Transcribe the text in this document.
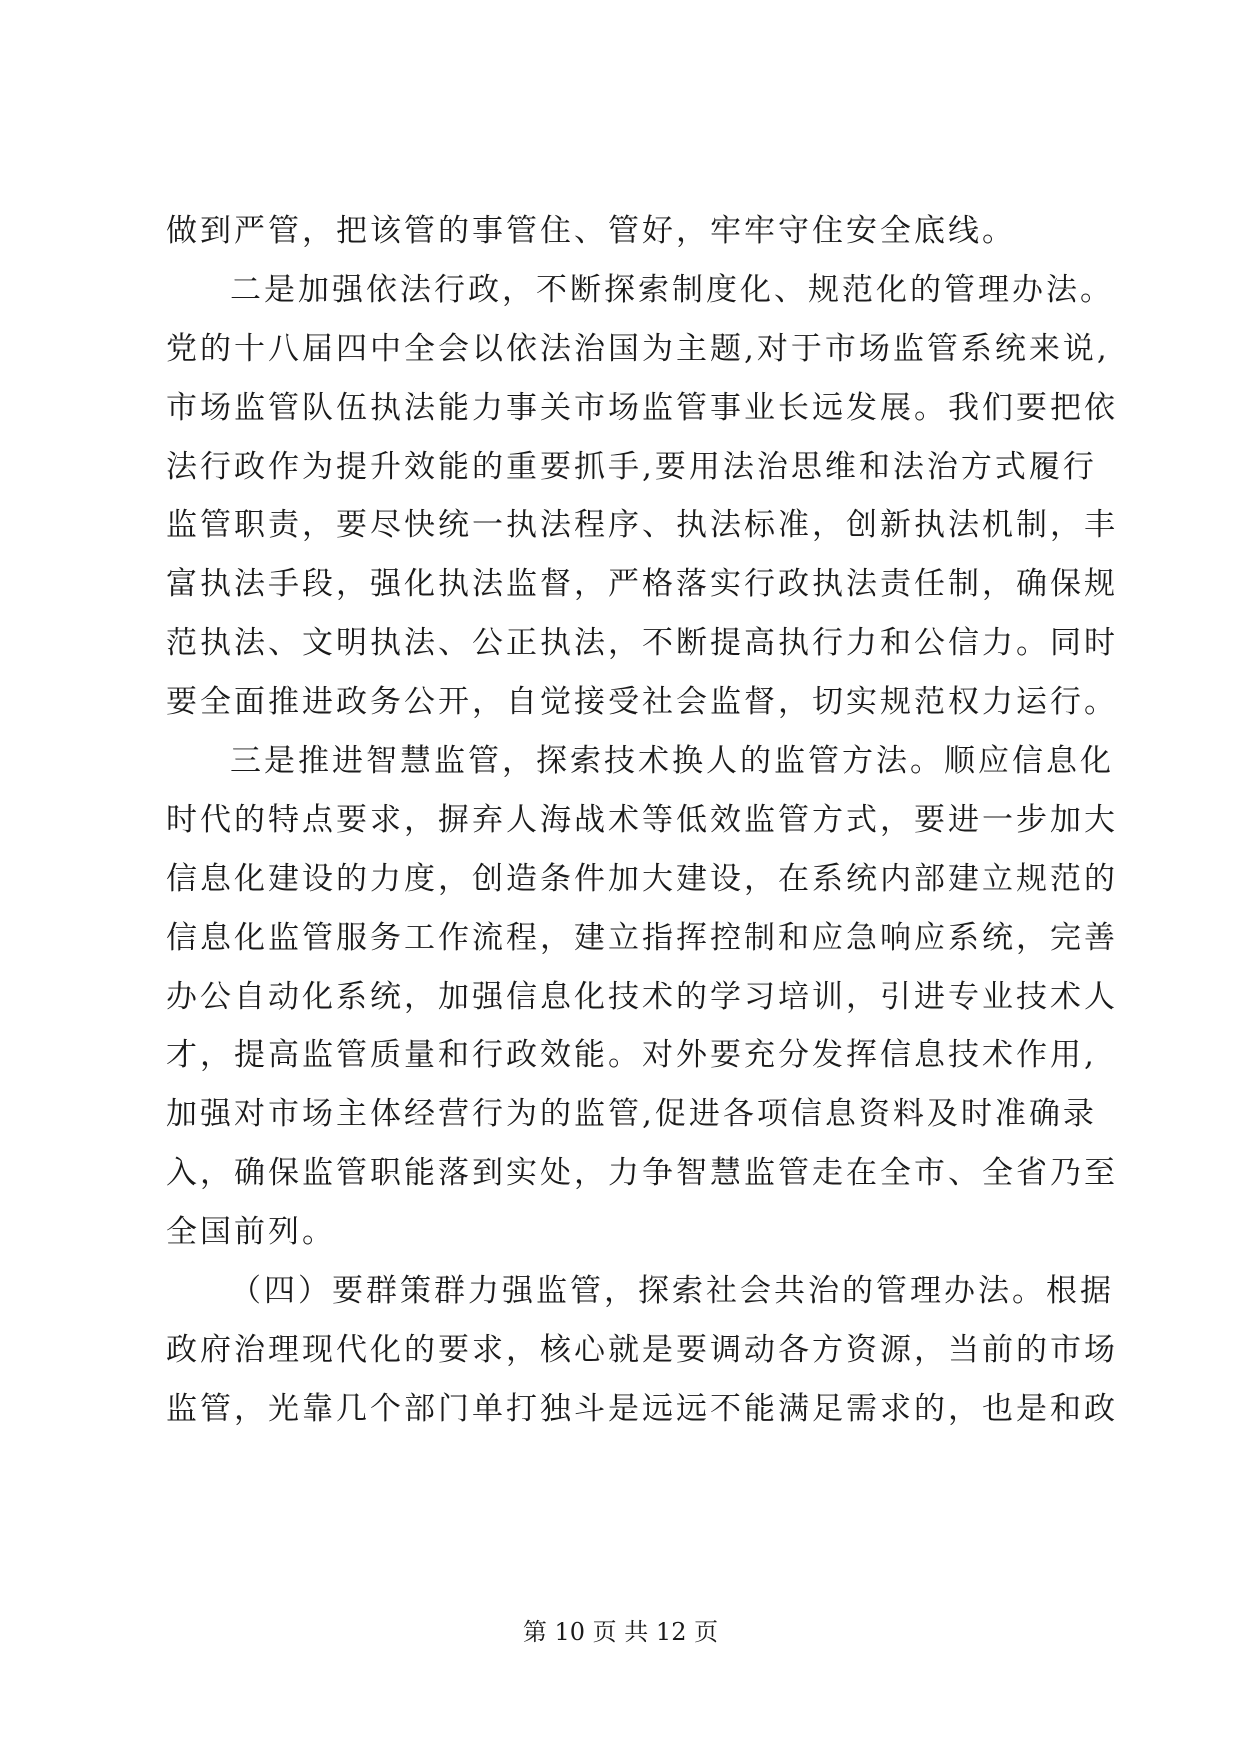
做到严管，把该管的事管住、管好，牢牢守住安全底线。
二是加强依法行政，不断探索制度化、规范化的管理办法。
党的十八届四中全会以依法治国为主题,对于市场监管系统来说,
市场监管队伍执法能力事关市场监管事业长远发展。我们要把依
法行政作为提升效能的重要抓手,要用法治思维和法治方式履行
监管职责，要尽快统一执法程序、执法标准，创新执法机制，丰
富执法手段，强化执法监督，严格落实行政执法责任制，确保规
范执法、文明执法、公正执法，不断提高执行力和公信力。同时
要全面推进政务公开，自觉接受社会监督，切实规范权力运行。
三是推进智慧监管，探索技术换人的监管方法。顺应信息化
时代的特点要求，摒弃人海战术等低效监管方式，要进一步加大
信息化建设的力度，创造条件加大建设，在系统内部建立规范的
信息化监管服务工作流程，建立指挥控制和应急响应系统，完善
办公自动化系统，加强信息化技术的学习培训，引进专业技术人
才，提高监管质量和行政效能。对外要充分发挥信息技术作用,
加强对市场主体经营行为的监管,促进各项信息资料及时准确录
入，确保监管职能落到实处，力争智慧监管走在全市、全省乃至
全国前列。
（四）要群策群力强监管，探索社会共治的管理办法。根据
政府治理现代化的要求，核心就是要调动各方资源，当前的市场
监管，光靠几个部门单打独斗是远远不能满足需求的，也是和政
第 10 页 共 12 页
